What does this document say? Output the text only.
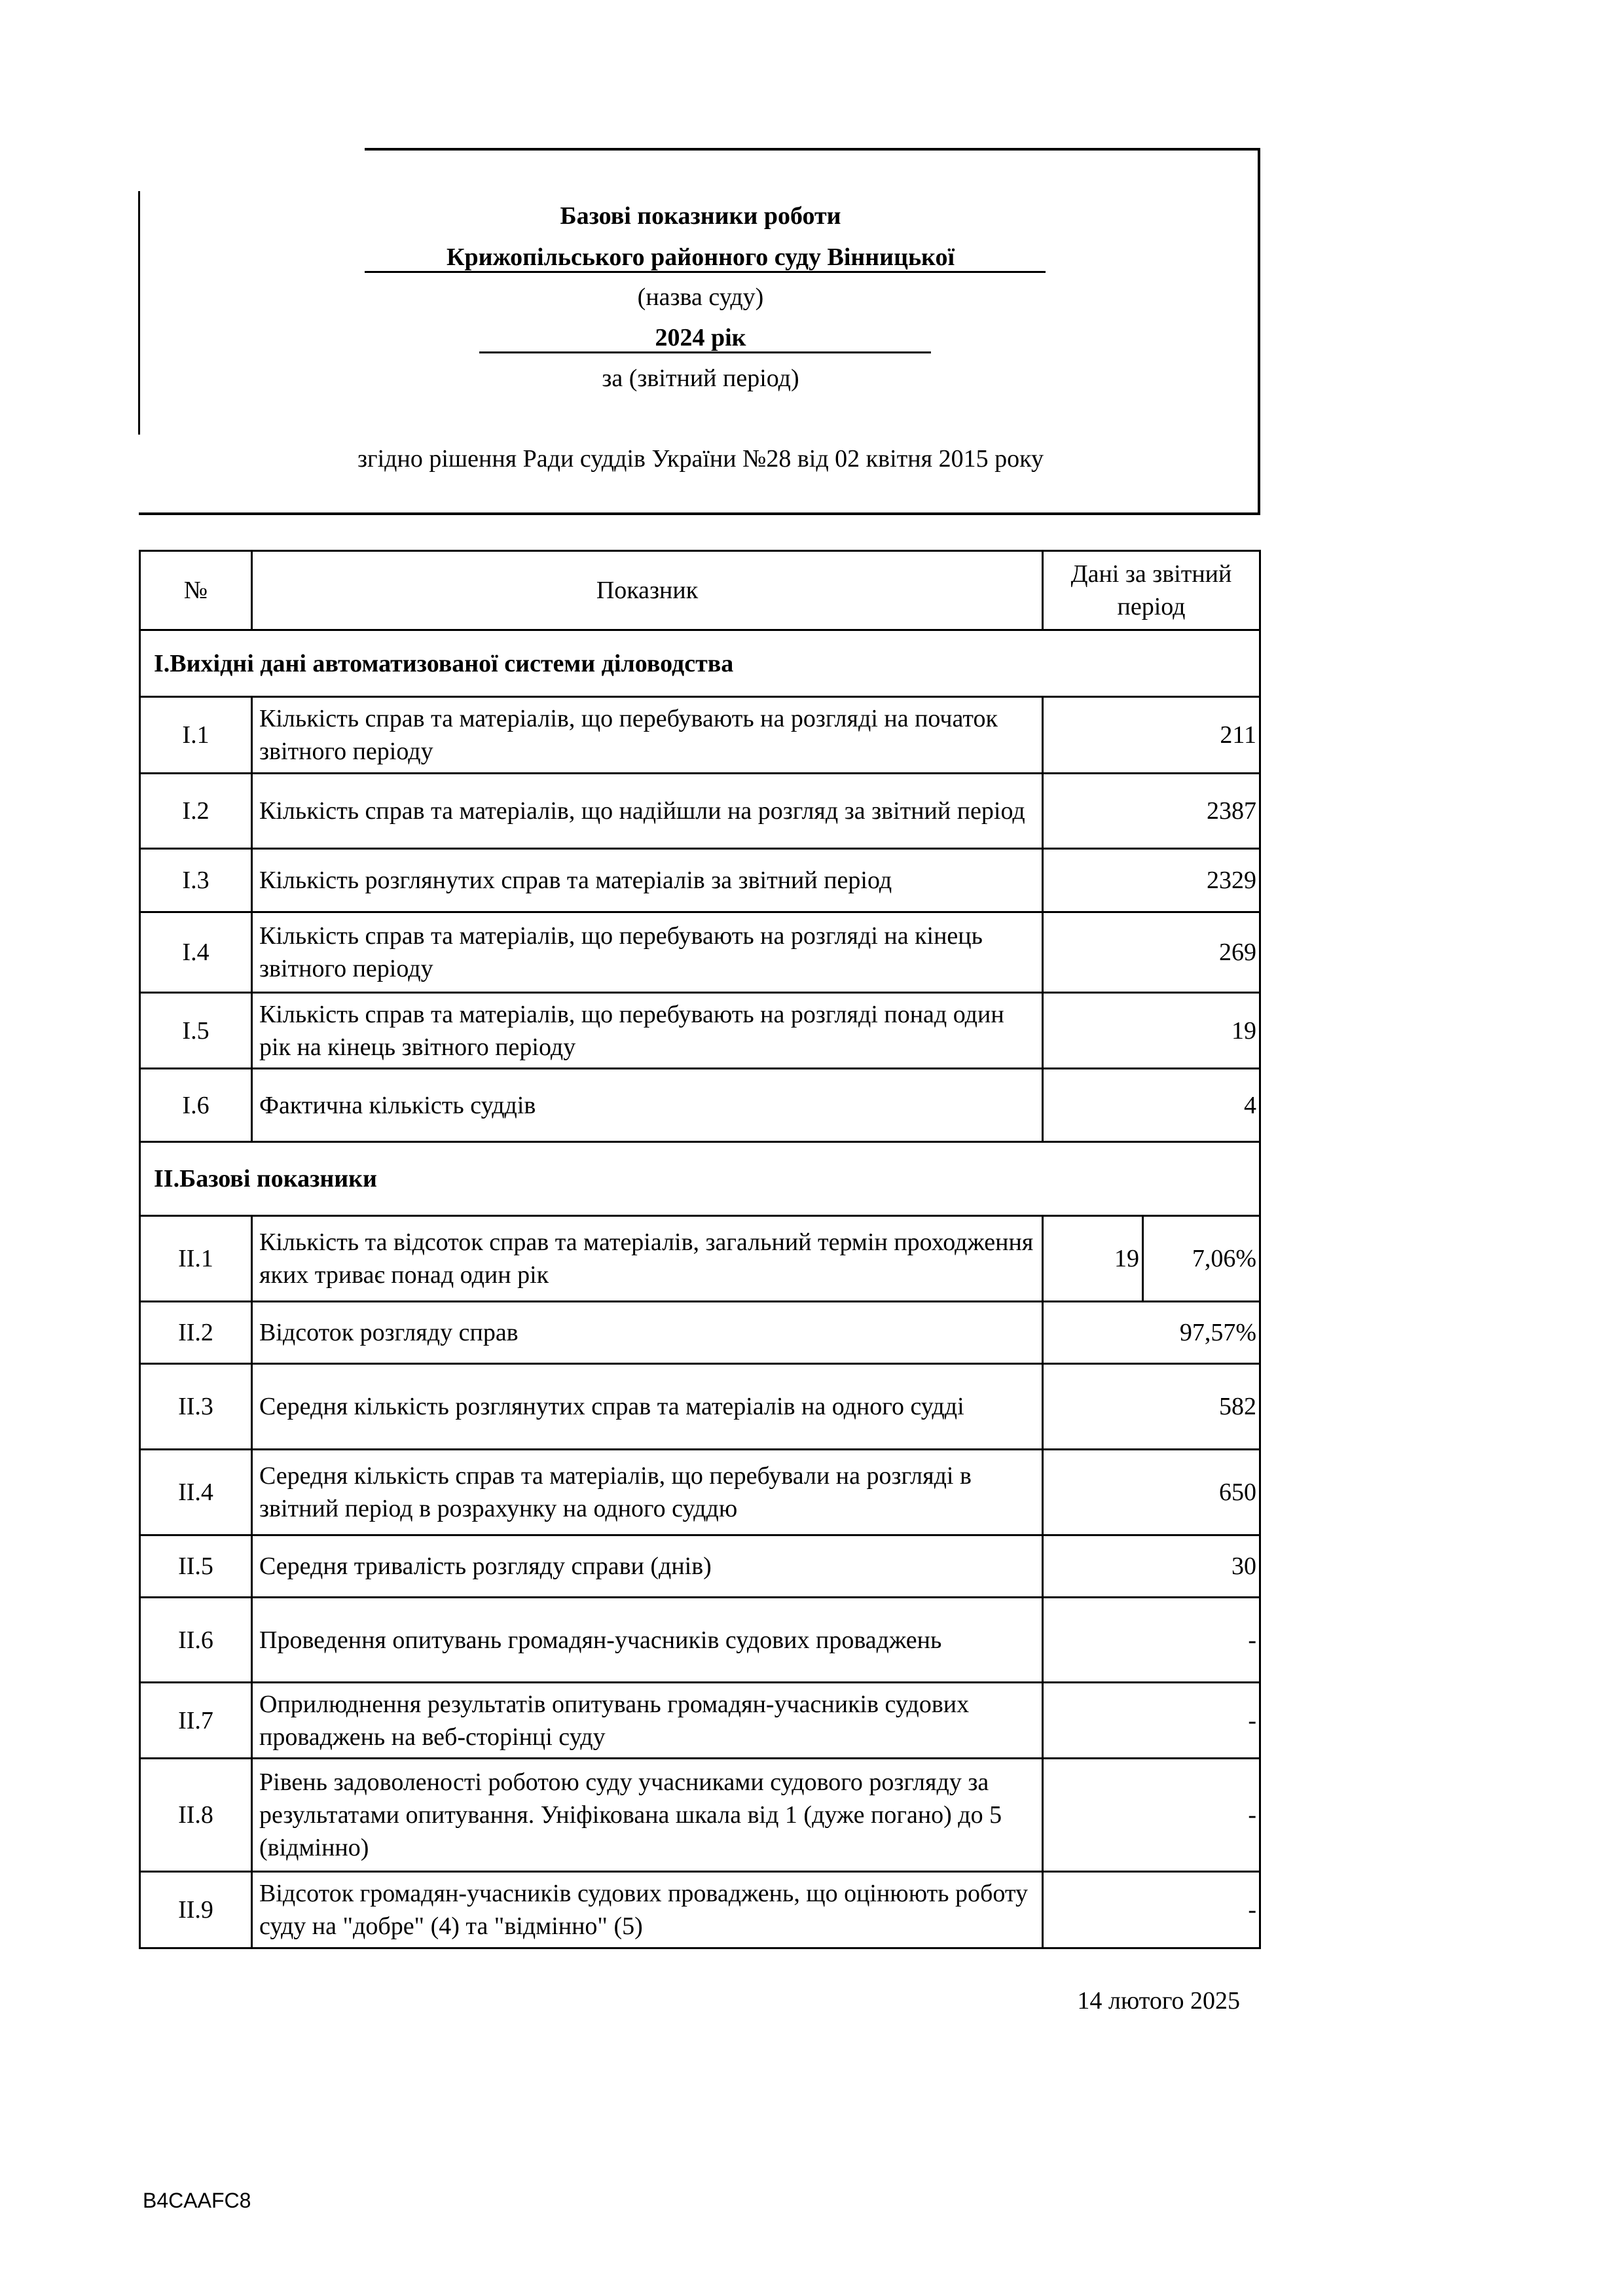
Базові показники роботи
Крижопільського районного суду Вінницької
(назва суду)
2024 рік
за (звітний період)
згідно рішення Ради суддів України №28 від 02 квітня 2015 року
№	Показник	Дані за звітний період	
І.Вихідні дані автоматизованої системи діловодства			
І.1	Кількість справ та матеріалів, що перебувають на розгляді на початок звітного періоду	211	
І.2	Кількість справ та матеріалів, що надійшли на розгляд за звітний період	2387	
І.3	Кількість розглянутих справ та матеріалів за звітний період	2329	
І.4	Кількість справ та матеріалів, що перебувають на розгляді на кінець звітного періоду	269	
І.5	Кількість справ та матеріалів, що перебувають на розгляді понад один рік на кінець звітного періоду	19	
І.6	Фактична кількість суддів	4	
ІІ.Базові показники			
ІІ.1	Кількість та відсоток справ та матеріалів, загальний термін проходження яких триває понад один рік	19	7,06%
ІІ.2	Відсоток розгляду справ	97,57%	
ІІ.3	Середня кількість розглянутих справ та матеріалів на одного судді	582	
ІІ.4	Середня кількість справ та матеріалів, що перебували на розгляді в звітний період в розрахунку на одного суддю	650	
ІІ.5	Середня тривалість розгляду справи (днів)	30	
ІІ.6	Проведення опитувань громадян-учасників судових проваджень	-	
ІІ.7	Оприлюднення результатів опитувань громадян-учасників судових проваджень на веб-сторінці суду	-	
ІІ.8	Рівень задоволеності роботою суду учасниками судового розгляду за результатами опитування. Уніфікована шкала від 1 (дуже погано) до 5 (відмінно)	-	
ІІ.9	Відсоток громадян-учасників судових проваджень, що оцінюють роботу суду на "добре" (4) та "відмінно" (5)	-	
14 лютого 2025
B4CAAFC8
